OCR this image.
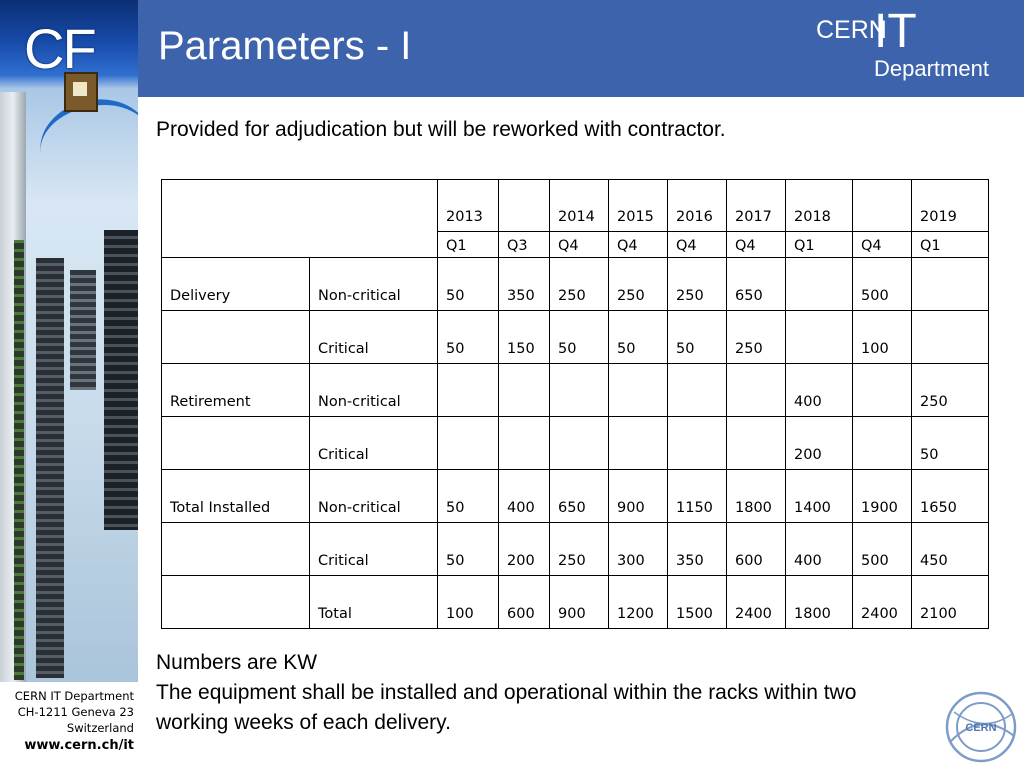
CF Parameters - I	CERN
IT
Department
Provided for adjudication but will be reworked with contractor.
		2013		2014	2015	2016	2017	2018		2019
		Q1	Q3	Q4	Q4	Q4	Q4	Q1	Q4	Q1
Delivery	Non-critical	50	350	250	250	250	650		500	
	Critical	50	150	50	50	50	250		100	
Retirement	Non-critical							400		250
	Critical							200		50
Total Installed	Non-critical	50	400	650	900	1150	1800	1400	1900	1650
	Critical	50	200	250	300	350	600	400	500	450
	Total	100	600	900	1200	1500	2400	1800	2400	2100
Numbers are KW
The equipment shall be installed and operational within the racks within two working weeks of each delivery.
CERN IT Department
CH-1211 Geneva 23
Switzerland
www.cern.ch/it
CERN
